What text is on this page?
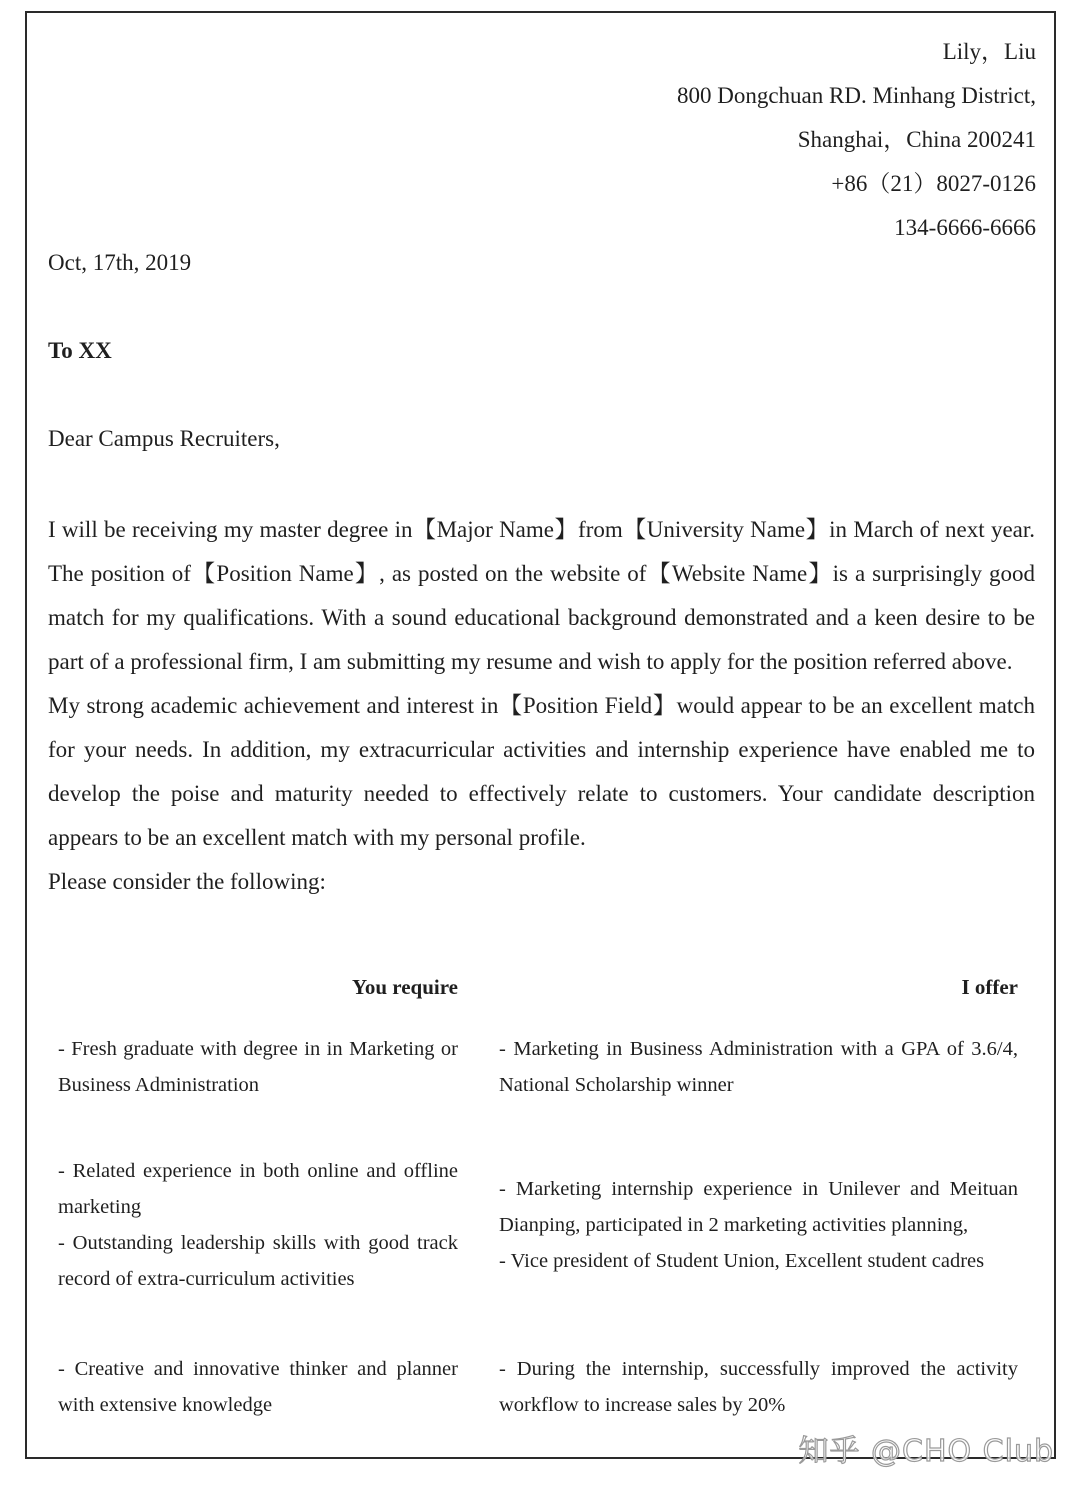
Lily，Liu
800 Dongchuan RD. Minhang District,
Shanghai，China 200241
+86（21）8027-0126
134-6666-6666
Oct, 17th, 2019
To XX
Dear Campus Recruiters,

I will be receiving my master degree in【Major Name】from【University Name】in March of next year. The position of【Position Name】, as posted on the website of【Website Name】is a surprisingly good match for my qualifications. With a sound educational background demonstrated and a keen desire to be part of a professional firm, I am submitting my resume and wish to apply for the position referred above.

My strong academic achievement and interest in【Position Field】would appear to be an excellent match for your needs. In addition, my extracurricular activities and internship experience have enabled me to develop the poise and maturity needed to effectively relate to customers. Your candidate description appears to be an excellent match with my personal profile.

Please consider the following:

You require	I offer

- Fresh graduate with degree in in Marketing or Business Administration

- Marketing in Business Administration with a GPA of 3.6/4, National Scholarship winner

- Related experience in both online and offline marketing

- Outstanding leadership skills with good track record of extra-curriculum activities

- Marketing internship experience in Unilever and Meituan Dianping, participated in 2 marketing activities planning,

- Vice president of Student Union, Excellent student cadres

- Creative and innovative thinker and planner with extensive knowledge

- During the internship, successfully improved the activity workflow to increase sales by 20%

知乎 @CHO Club
